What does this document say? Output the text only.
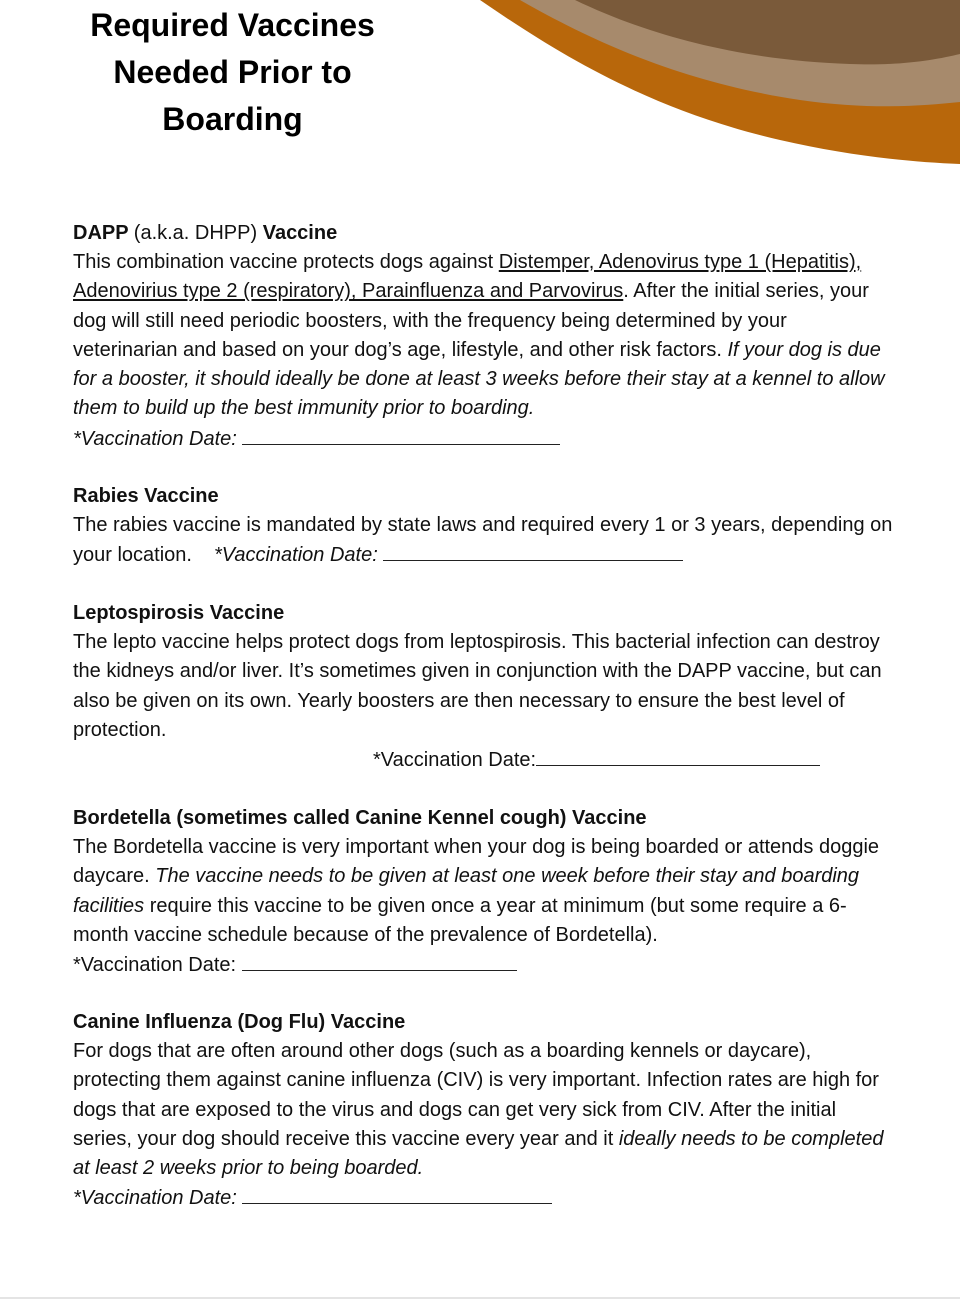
Required Vaccines
Needed Prior to
Boarding
DAPP (a.k.a. DHPP) Vaccine

This combination vaccine protects dogs against Distemper, Adenovirus type 1 (Hepatitis), Adenovirius type 2 (respiratory), Parainfluenza and Parvovirus. After the initial series, your dog will still need periodic boosters, with the frequency being determined by your veterinarian and based on your dog’s age, lifestyle, and other risk factors. If your dog is due for a booster, it should ideally be done at least 3 weeks before their stay at a kennel to allow them to build up the best immunity prior to boarding.*Vaccination Date:

Rabies Vaccine

The rabies vaccine is mandated by state laws and required every 1 or 3 years, depending on your location. *Vaccination Date:

Leptospirosis Vaccine

The lepto vaccine helps protect dogs from leptospirosis. This bacterial infection can destroy the kidneys and/or liver. It’s sometimes given in conjunction with the DAPP vaccine, but can also be given on its own. Yearly boosters are then necessary to ensure the best level of protection.

*Vaccination Date:

Bordetella (sometimes called Canine Kennel cough) Vaccine

The Bordetella vaccine is very important when your dog is being boarded or attends doggie daycare. The vaccine needs to be given at least one week before their stay and boarding facilities require this vaccine to be given once a year at minimum (but some require a 6-month vaccine schedule because of the prevalence of Bordetella).*Vaccination Date:

Canine Influenza (Dog Flu) Vaccine

For dogs that are often around other dogs (such as a boarding kennels or daycare), protecting them against canine influenza (CIV) is very important. Infection rates are high for dogs that are exposed to the virus and dogs can get very sick from CIV. After the initial series, your dog should receive this vaccine every year and it ideally needs to be completed at least 2 weeks prior to being boarded.*Vaccination Date:
